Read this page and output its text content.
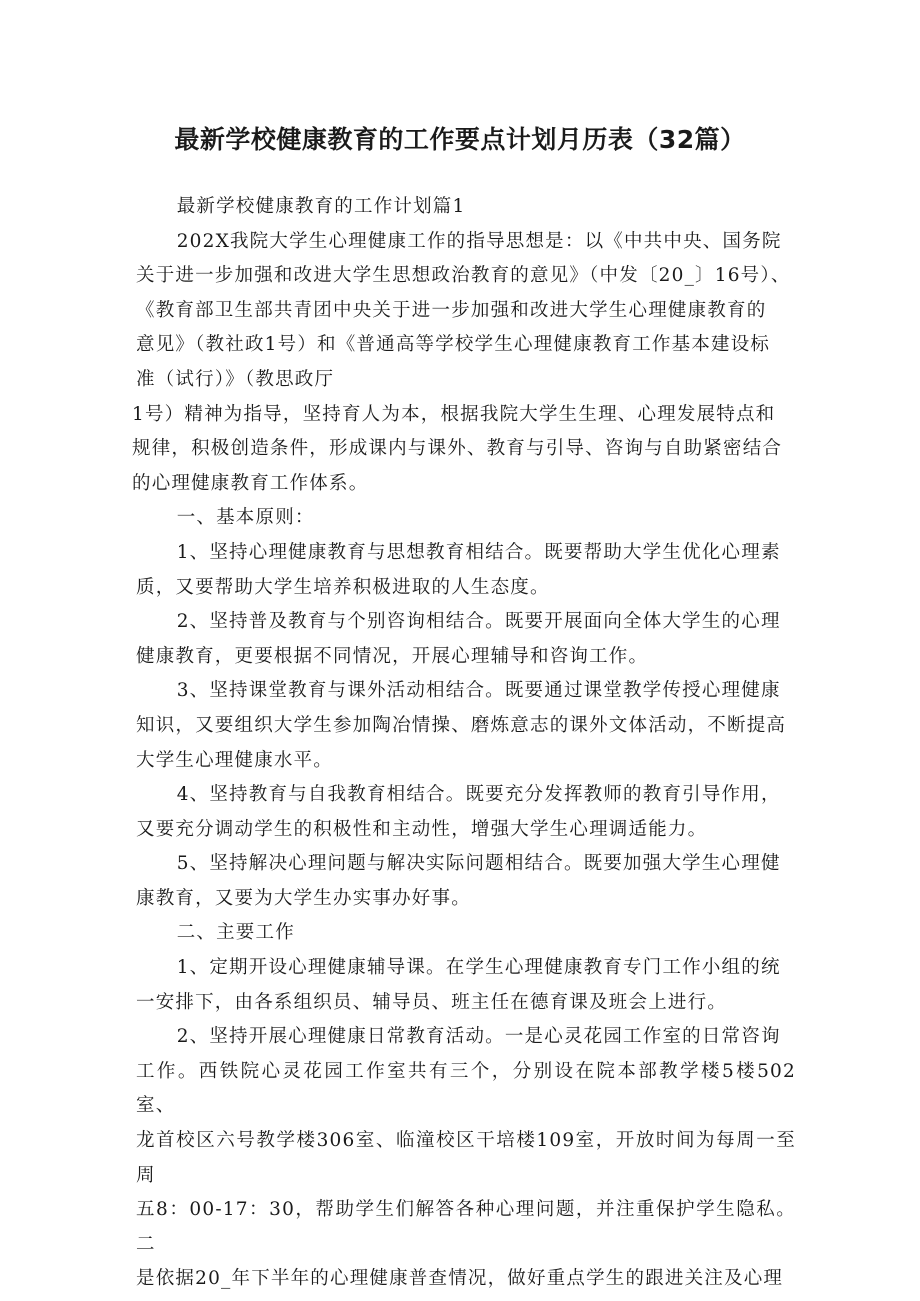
最新学校健康教育的工作要点计划月历表（32篇）

最新学校健康教育的工作计划篇1

202X我院大学生心理健康工作的指导思想是：以《中共中央、国务院
关于进一步加强和改进大学生思想政治教育的意见》（中发〔20_〕16号）、
《教育部卫生部共青团中央关于进一步加强和改进大学生心理健康教育的
意见》（教社政1号）和《普通高等学校学生心理健康教育工作基本建设标
准（试行）》（教思政厅

1号）精神为指导，坚持育人为本，根据我院大学生生理、心理发展特点和
规律，积极创造条件，形成课内与课外、教育与引导、咨询与自助紧密结合
的心理健康教育工作体系。

一、基本原则：

1、坚持心理健康教育与思想教育相结合。既要帮助大学生优化心理素
质，又要帮助大学生培养积极进取的人生态度。

2、坚持普及教育与个别咨询相结合。既要开展面向全体大学生的心理
健康教育，更要根据不同情况，开展心理辅导和咨询工作。

3、坚持课堂教育与课外活动相结合。既要通过课堂教学传授心理健康
知识，又要组织大学生参加陶冶情操、磨炼意志的课外文体活动，不断提高
大学生心理健康水平。

4、坚持教育与自我教育相结合。既要充分发挥教师的教育引导作用，
又要充分调动学生的积极性和主动性，增强大学生心理调适能力。

5、坚持解决心理问题与解决实际问题相结合。既要加强大学生心理健
康教育，又要为大学生办实事办好事。

二、主要工作

1、定期开设心理健康辅导课。在学生心理健康教育专门工作小组的统
一安排下，由各系组织员、辅导员、班主任在德育课及班会上进行。

2、坚持开展心理健康日常教育活动。一是心灵花园工作室的日常咨询
工作。西铁院心灵花园工作室共有三个，分别设在院本部教学楼5楼502室、
龙首校区六号教学楼306室、临潼校区干培楼109室，开放时间为每周一至周
五8：00-17：30，帮助学生们解答各种心理问题，并注重保护学生隐私。二
是依据20_年下半年的心理健康普查情况，做好重点学生的跟进关注及心理
